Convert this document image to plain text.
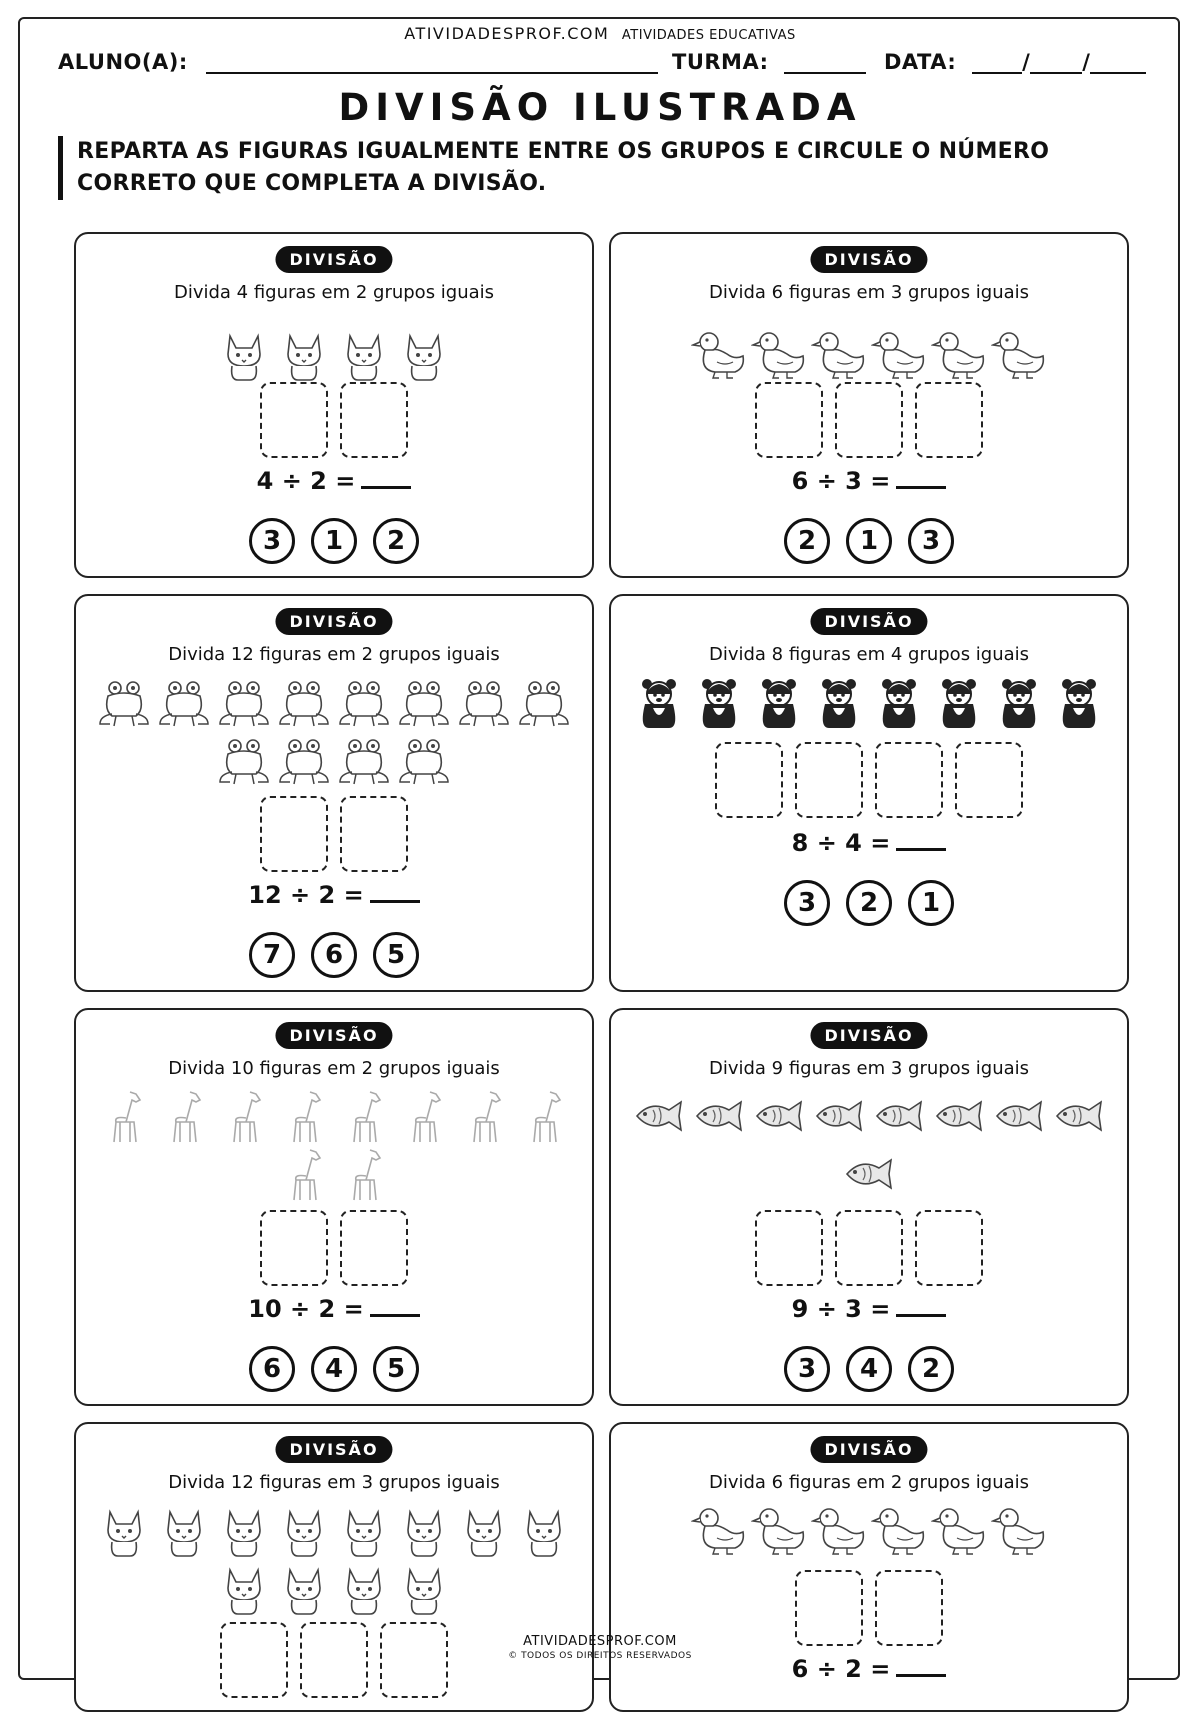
ATIVIDADESPROF.COM ATIVIDADES EDUCATIVAS
ALUNO(A):	TURMA:	DATA:	/ /
DIVISÃO ILUSTRADA
REPARTA AS FIGURAS IGUALMENTE ENTRE OS GRUPOS E CIRCULE O NÚMERO
CORRETO QUE COMPLETA A DIVISÃO.
DIVISÃO
Divida 4 figuras em 2 grupos iguais
4 ÷ 2 =
3	1	2
DIVISÃO
Divida 6 figuras em 3 grupos iguais
6 ÷ 3 =
2	1	3
DIVISÃO
Divida 12 figuras em 2 grupos iguais
12 ÷ 2 =
7	6	5
DIVISÃO
Divida 8 figuras em 4 grupos iguais
8 ÷ 4 =
3	2	1
DIVISÃO
Divida 10 figuras em 2 grupos iguais
10 ÷ 2 =
6	4	5
DIVISÃO
Divida 9 figuras em 3 grupos iguais
9 ÷ 3 =
3	4	2
DIVISÃO
Divida 12 figuras em 3 grupos iguais
DIVISÃO
Divida 6 figuras em 2 grupos iguais
6 ÷ 2 =
ATIVIDADESPROF.COM
© TODOS OS DIREITOS RESERVADOS
